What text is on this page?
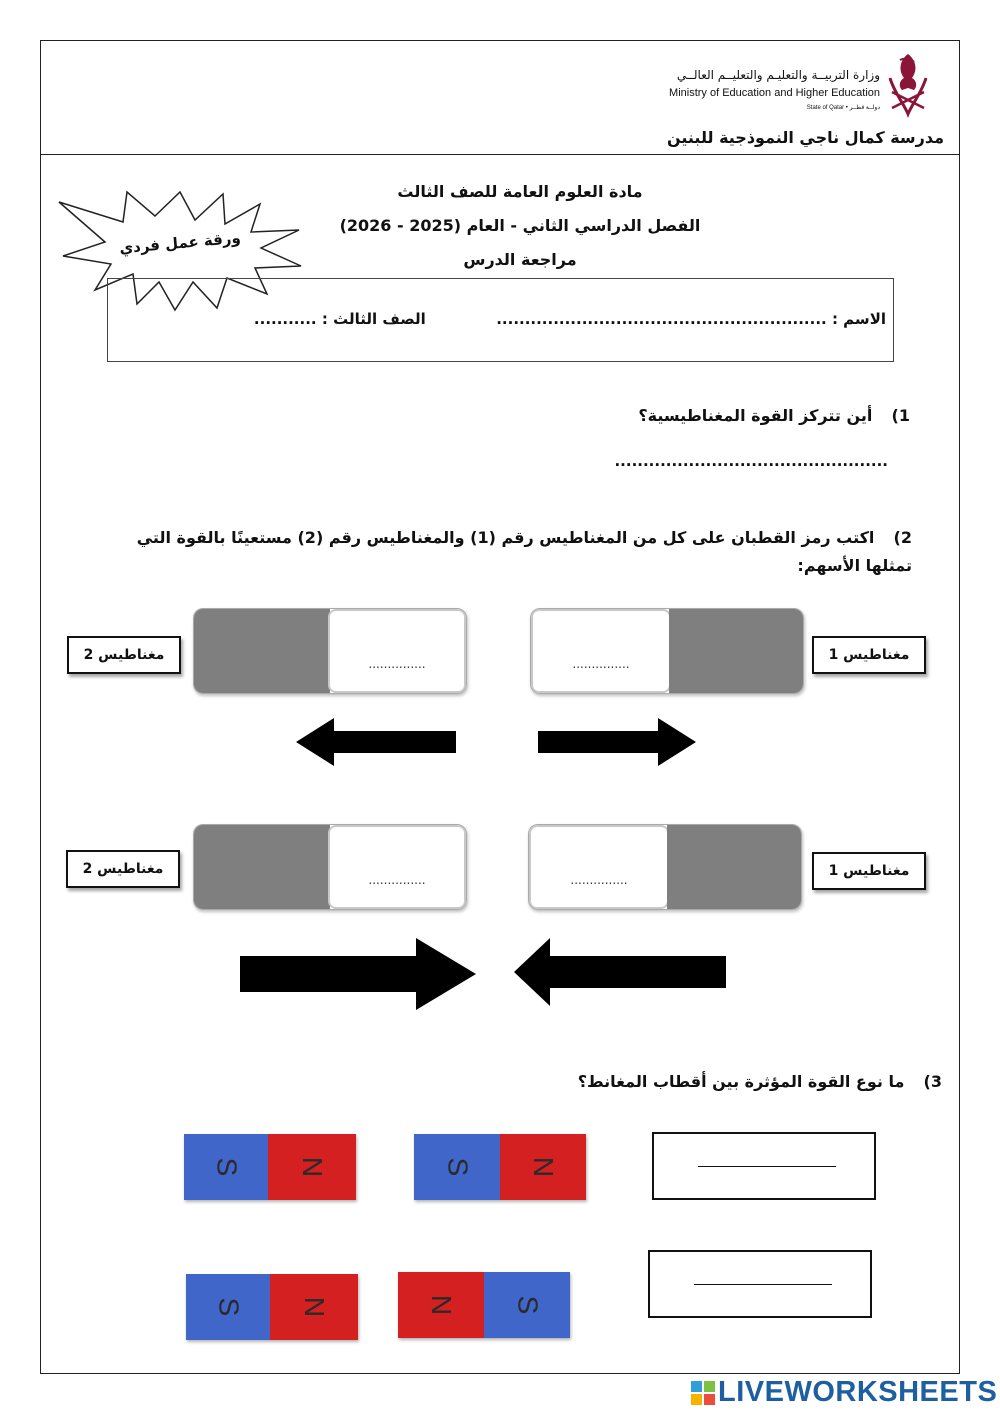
وزارة التربيــة والتعليـم والتعليــم العالــي
Ministry of Education and Higher Education
State of Qatar • دولــة قطــر
مدرسة كمال ناجي النموذجية للبنين
ورقة عمل فردي
مادة العلوم العامة للصف الثالث
الفصل الدراسي الثاني - العام (2025 - 2026)
مراجعة الدرس
الاسم : ..........................................................  الصف الثالث : ...........
1)  أين تتركز القوة المغناطيسية؟
................................................
2)  اكتب رمز القطبان على كل من المغناطيس رقم (1) والمغناطيس رقم (2) مستعينًا بالقوة التي تمثلها الأسهم:
مغناطيس 2
...............	...............
مغناطيس 1
مغناطيس 2
...............	...............
مغناطيس 1
3)  ما نوع القوة المؤثرة بين أقطاب المغانط؟
S N	S N
S N	N S
LIVEWORKSHEETS
